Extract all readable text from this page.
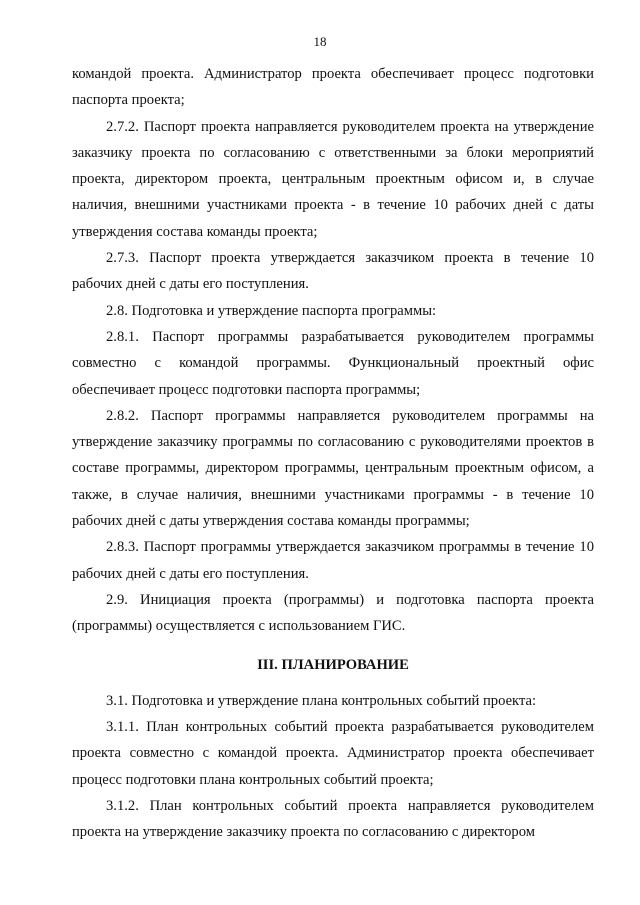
18

командой проекта. Администратор проекта обеспечивает процесс подготовки паспорта проекта;

2.7.2. Паспорт проекта направляется руководителем проекта на утверждение заказчику проекта по согласованию с ответственными за блоки мероприятий проекта, директором проекта, центральным проектным офисом и, в случае наличия, внешними участниками проекта - в течение 10 рабочих дней с даты утверждения состава команды проекта;

2.7.3. Паспорт проекта утверждается заказчиком проекта в течение 10 рабочих дней с даты его поступления.

2.8. Подготовка и утверждение паспорта программы:

2.8.1. Паспорт программы разрабатывается руководителем программы совместно с командой программы. Функциональный проектный офис обеспечивает процесс подготовки паспорта программы;

2.8.2. Паспорт программы направляется руководителем программы на утверждение заказчику программы по согласованию с руководителями проектов в составе программы, директором программы, центральным проектным офисом, а также, в случае наличия, внешними участниками программы - в течение 10 рабочих дней с даты утверждения состава команды программы;

2.8.3. Паспорт программы утверждается заказчиком программы в течение 10 рабочих дней с даты его поступления.

2.9. Инициация проекта (программы) и подготовка паспорта проекта (программы) осуществляется с использованием ГИС.

III. ПЛАНИРОВАНИЕ

3.1. Подготовка и утверждение плана контрольных событий проекта:

3.1.1. План контрольных событий проекта разрабатывается руководителем проекта совместно с командой проекта. Администратор проекта обеспечивает процесс подготовки плана контрольных событий проекта;

3.1.2. План контрольных событий проекта направляется руководителем проекта на утверждение заказчику проекта по согласованию с директором
